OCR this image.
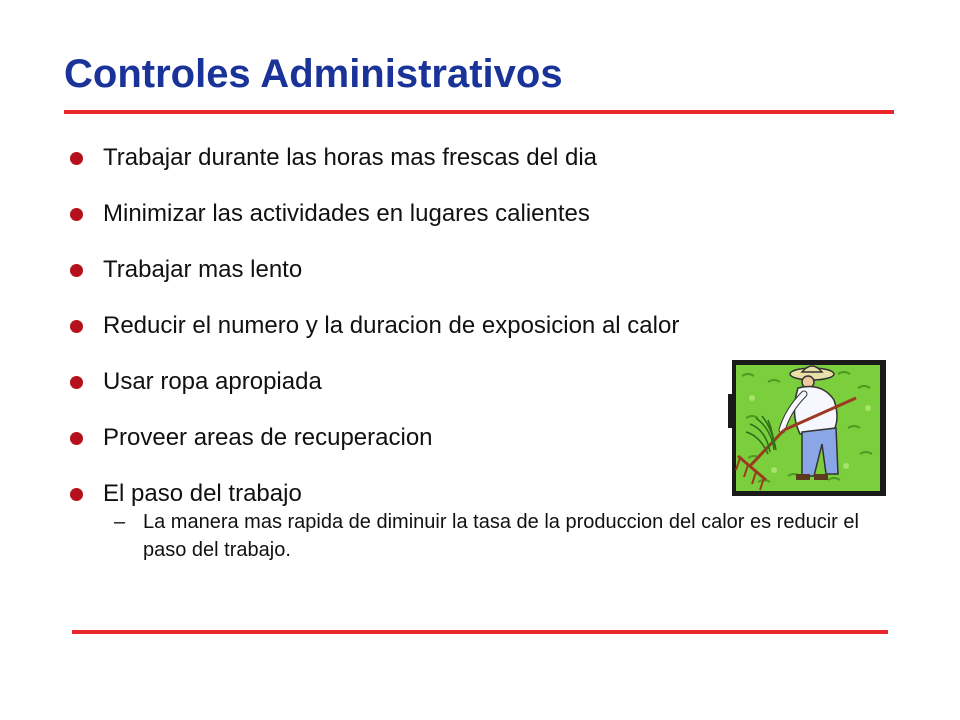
Controles Administrativos
Trabajar durante las horas mas frescas del dia
Minimizar las actividades en lugares calientes
Trabajar mas lento
Reducir el numero y la duracion de exposicion al calor
Usar ropa apropiada
Proveer areas de recuperacion
El paso del trabajo
– La manera mas rapida de diminuir la tasa de la produccion del calor es reducir el paso del trabajo.
